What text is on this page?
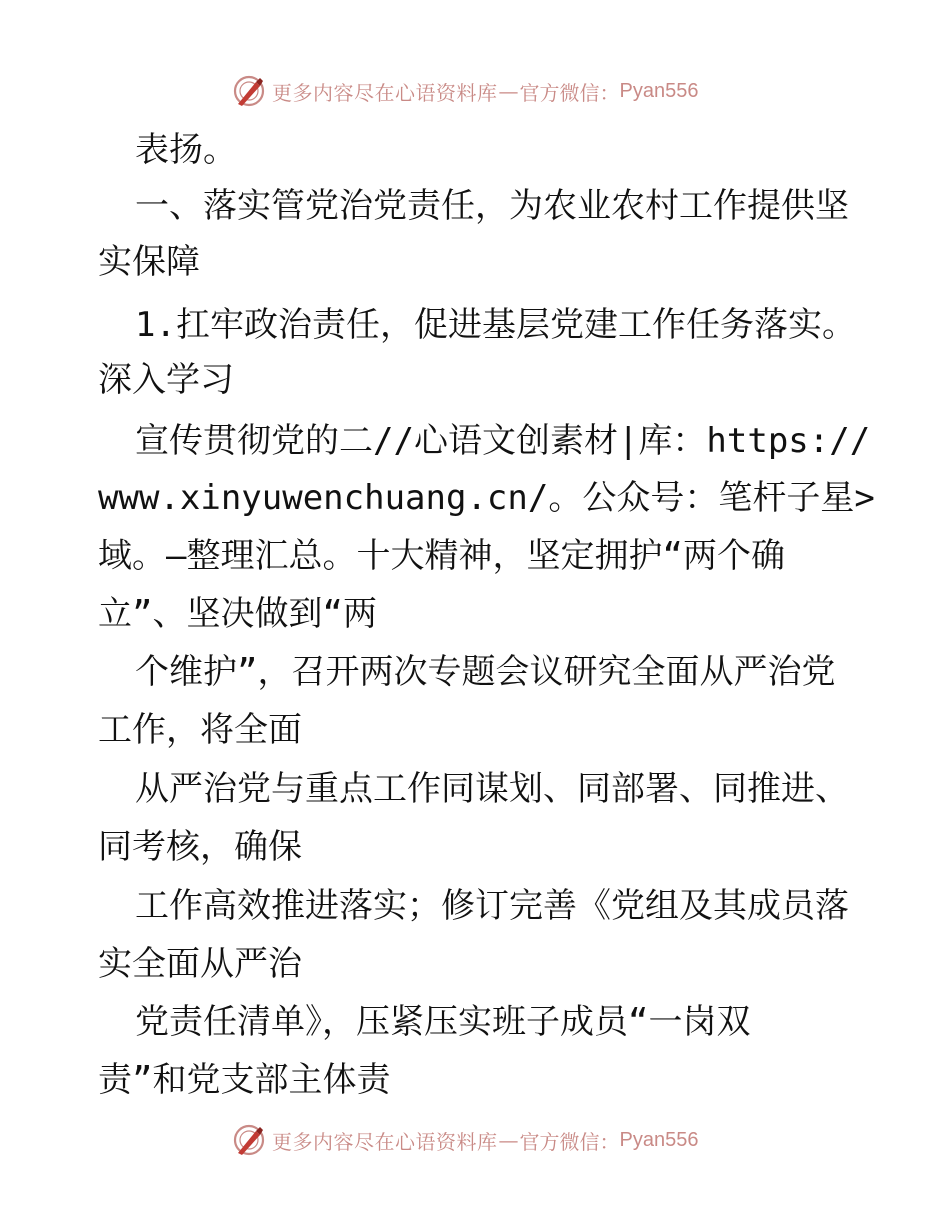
更多内容尽在心语资料库 — 官方微信： Pyan556
表扬。
一、落实管党治党责任，为农业农村工作提供坚
实保障
1.扛牢政治责任，促进基层党建工作任务落实。
深入学习
宣传贯彻党的二//心语文创素材|库：https://
www.xinyuwenchuang.cn/。公众号：笔杆子星>
域。—整理汇总。十大精神，坚定拥护“两个确
立”、坚决做到“两
个维护”，召开两次专题会议研究全面从严治党
工作，将全面
从严治党与重点工作同谋划、同部署、同推进、
同考核，确保
工作高效推进落实；修订完善《党组及其成员落
实全面从严治
党责任清单》，压紧压实班子成员“一岗双
责”和党支部主体责
更多内容尽在心语资料库 — 官方微信： Pyan556
